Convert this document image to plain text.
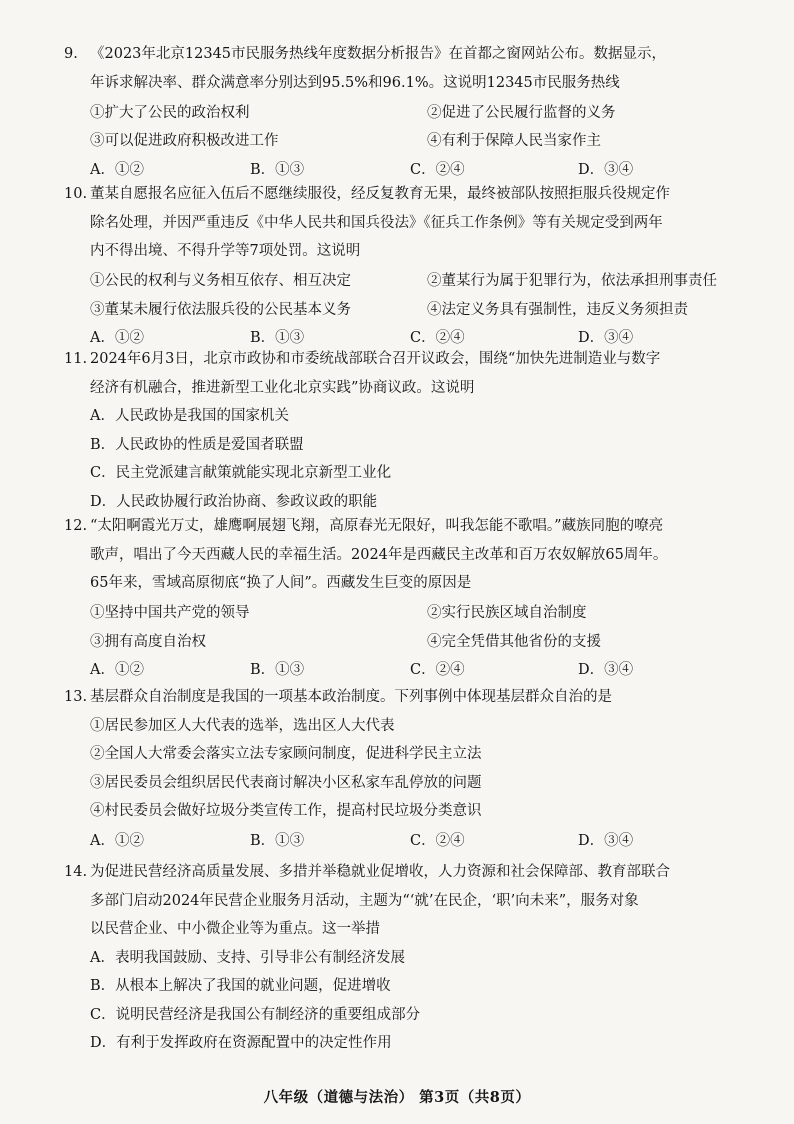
9. 《2023年北京12345市民服务热线年度数据分析报告》在首都之窗网站公布。数据显示，

年诉求解决率、群众满意率分别达到95.5%和96.1%。这说明12345市民服务热线

①扩大了公民的政治权利	②促进了公民履行监督的义务
③可以促进政府积极改进工作	④有利于保障人民当家作主
A．①②	B．①③	C．②④	D．③④

10. 董某自愿报名应征入伍后不愿继续服役，经反复教育无果，最终被部队按照拒服兵役规定作

除名处理，并因严重违反《中华人民共和国兵役法》《征兵工作条例》等有关规定受到两年

内不得出境、不得升学等7项处罚。这说明

①公民的权利与义务相互依存、相互决定	②董某行为属于犯罪行为，依法承担刑事责任
③董某未履行依法服兵役的公民基本义务	④法定义务具有强制性，违反义务须担责
A．①②	B．①③	C．②④	D．③④

11. 2024年6月3日，北京市政协和市委统战部联合召开议政会，围绕“加快先进制造业与数字

经济有机融合，推进新型工业化北京实践”协商议政。这说明

A．人民政协是我国的国家机关
B．人民政协的性质是爱国者联盟
C．民主党派建言献策就能实现北京新型工业化
D．人民政协履行政治协商、参政议政的职能

12. “太阳啊霞光万丈，雄鹰啊展翅飞翔，高原春光无限好，叫我怎能不歌唱。”藏族同胞的嘹亮

歌声，唱出了今天西藏人民的幸福生活。2024年是西藏民主改革和百万农奴解放65周年。

65年来，雪域高原彻底“换了人间”。西藏发生巨变的原因是

①坚持中国共产党的领导	②实行民族区域自治制度
③拥有高度自治权	④完全凭借其他省份的支援
A．①②	B．①③	C．②④	D．③④

13. 基层群众自治制度是我国的一项基本政治制度。下列事例中体现基层群众自治的是

①居民参加区人大代表的选举，选出区人大代表
②全国人大常委会落实立法专家顾问制度，促进科学民主立法
③居民委员会组织居民代表商讨解决小区私家车乱停放的问题
④村民委员会做好垃圾分类宣传工作，提高村民垃圾分类意识
A．①②	B．①③	C．②④	D．③④

14. 为促进民营经济高质量发展、多措并举稳就业促增收，人力资源和社会保障部、教育部联合

多部门启动2024年民营企业服务月活动，主题为“‘就’在民企，‘职’向未来”，服务对象

以民营企业、中小微企业等为重点。这一举措

A．表明我国鼓励、支持、引导非公有制经济发展
B．从根本上解决了我国的就业问题，促进增收
C．说明民营经济是我国公有制经济的重要组成部分
D．有利于发挥政府在资源配置中的决定性作用
八年级（道德与法治） 第3页（共8页）
